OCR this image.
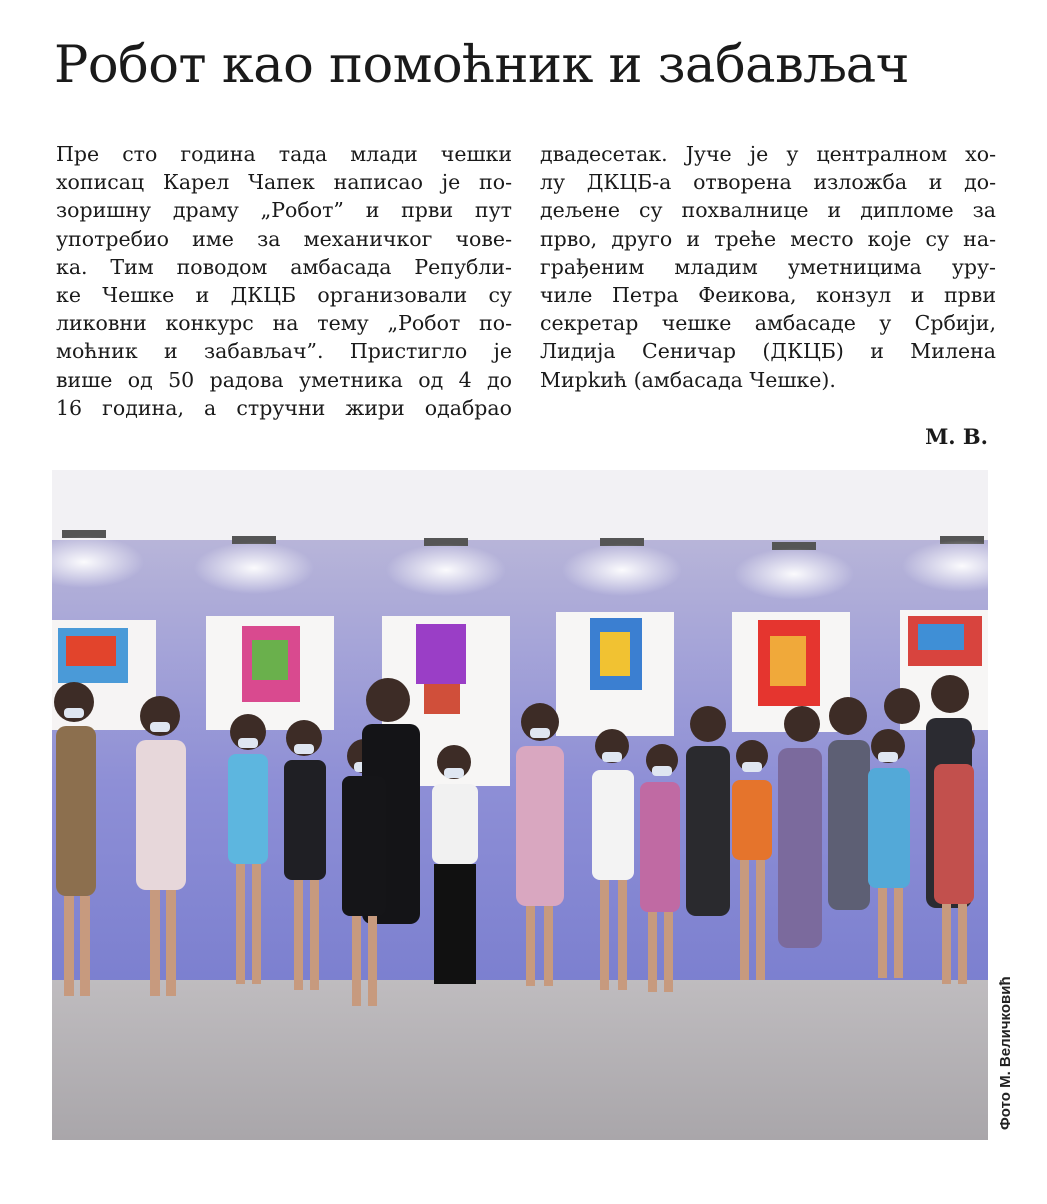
Робот као помоћник и забављач
Пре сто година тада млади чешки
хописац Карел Чапек написао је по-
зоришну драму „Робот” и први пут
употребио име за механичког чове-
ка. Тим поводом амбасада Републи-
ке Чешке и ДКЦБ организовали су
ликовни конкурс на тему „Робот по-
моћник и забављач”. Пристигло је
више од 50 радова уметника од 4 до
16 година, а стручни жири одабрао
двадесетак. Јуче је у централном хо-
лу ДКЦБ-а отворена изложба и до-
дељене су похвалнице и дипломе за
прво, друго и треће место које су на-
грађеним младим уметницима уру-
чиле Петра Феикова, конзул и први
секретар чешке амбасаде у Србији,
Лидија Сеничар (ДКЦБ) и Милена
Мирkић (амбасада Чешке).
М. В.
Фото М. Величковић
